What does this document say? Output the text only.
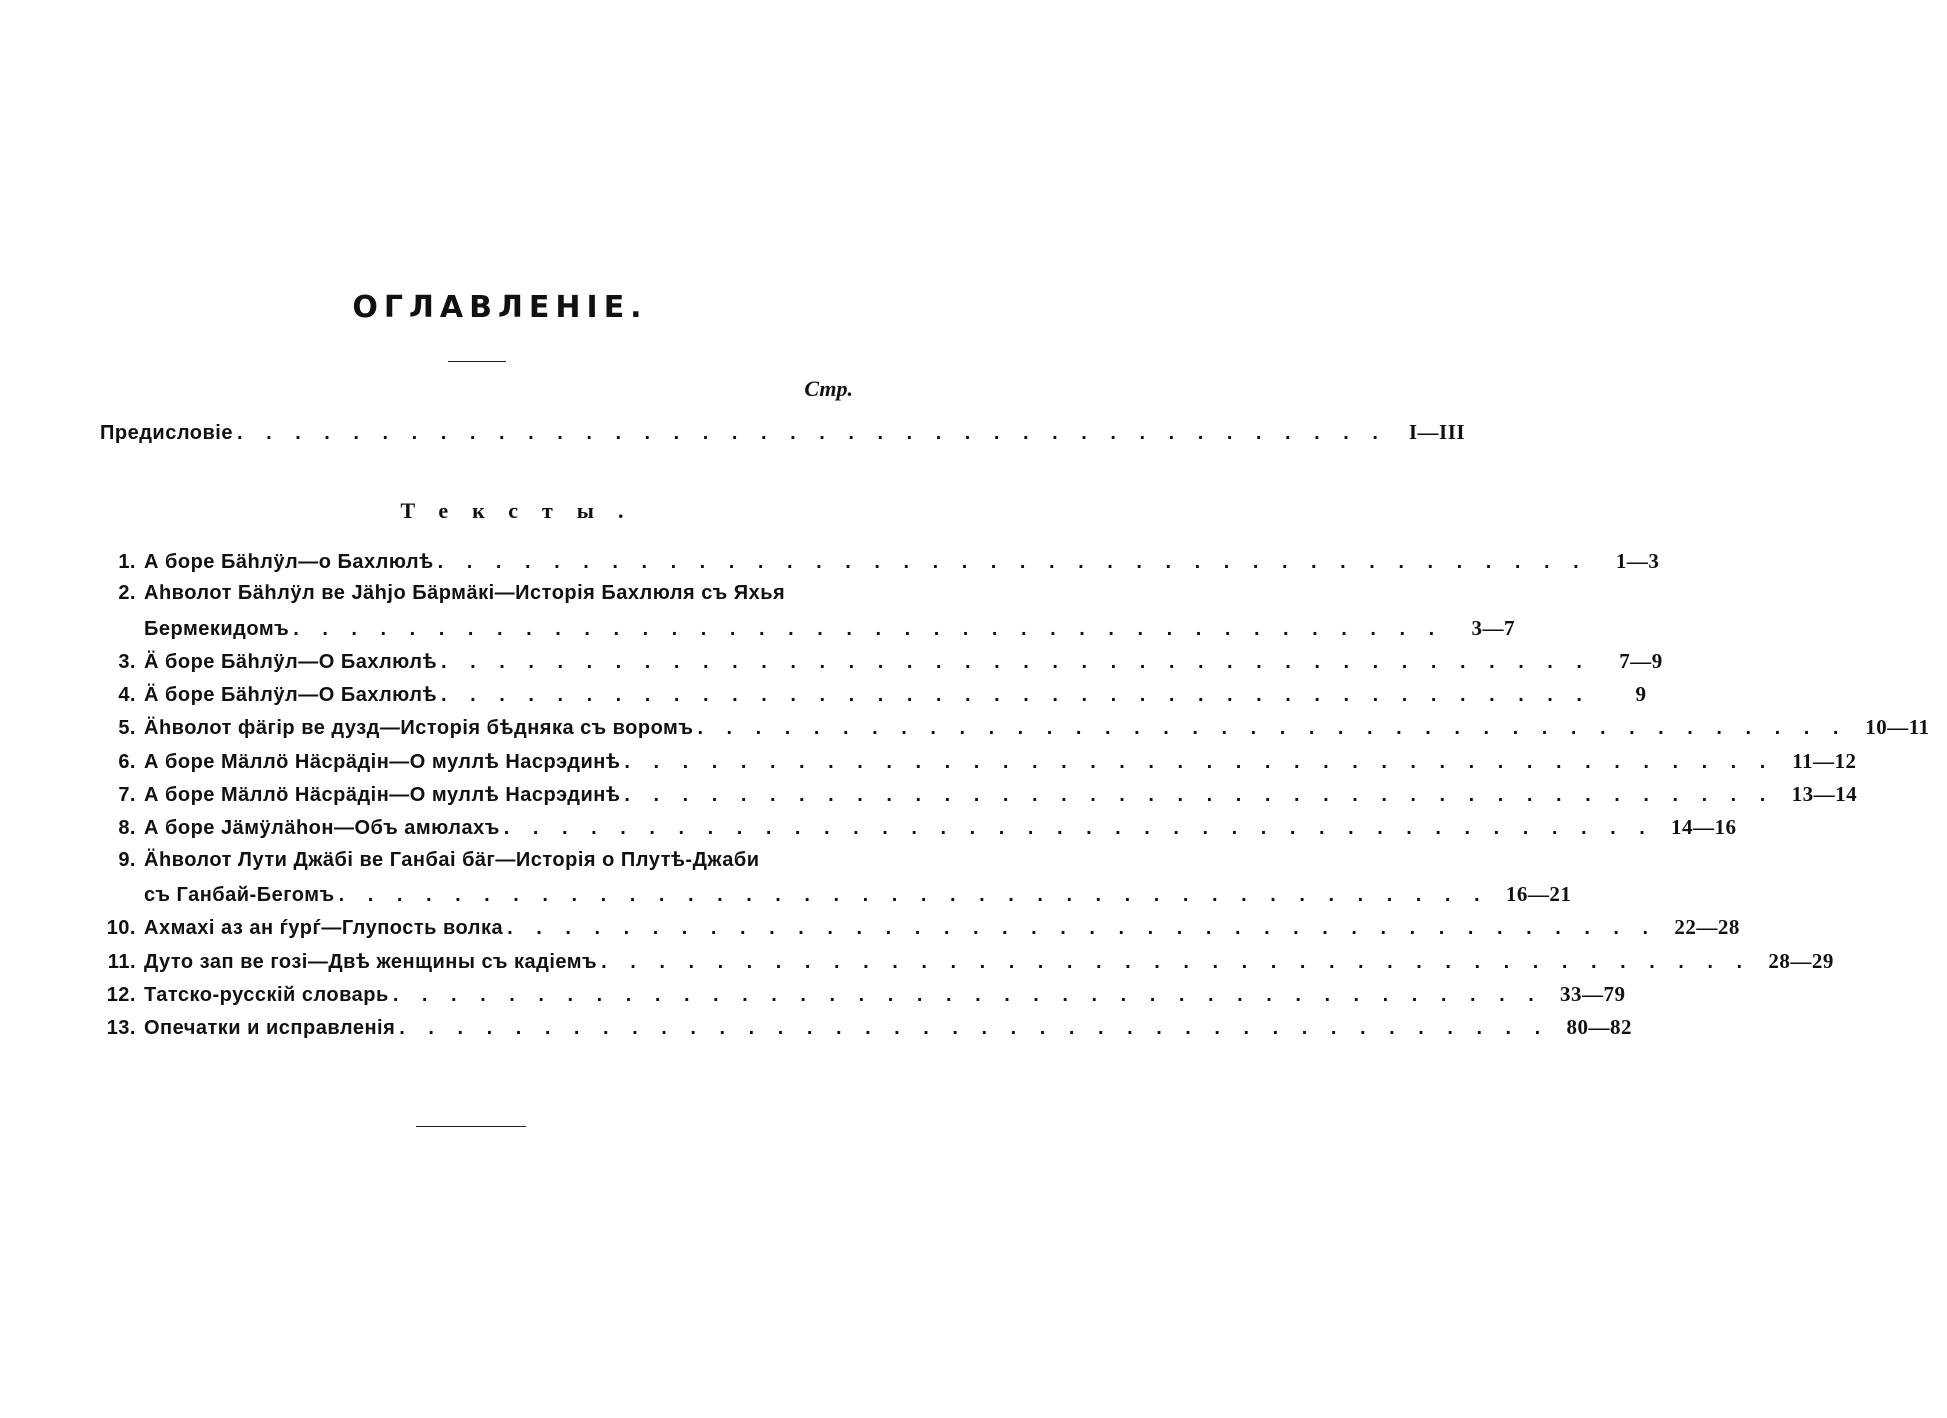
ОГЛАВЛЕНІЕ.
Стр.
Предисловіе . . . . . . . . . . . . . . . . . . . . . . . . . . . . . . . . . . . . . . . .	I—III
Тексты.
1. А боре Бäһлÿл—о Бахлюлѣ . . . . . . . . . . . . . . . . . . . . . . . . . . . . . . . . . . . . . . . .	1—3
2. Аһволот Бäһлÿл ве Јäһјо Бäрмäкі—Исторія Бахлюля съ Яхья
Бермекидомъ . . . . . . . . . . . . . . . . . . . . . . . . . . . . . . . . . . . . . . . .	3—7
3. Ӓ боре Бäһлÿл—О Бахлюлѣ . . . . . . . . . . . . . . . . . . . . . . . . . . . . . . . . . . . . . . . .	7—9
4. Ӓ боре Бäһлÿл—О Бахлюлѣ . . . . . . . . . . . . . . . . . . . . . . . . . . . . . . . . . . . . . . . .	9
5. Ӓһволот фäгір ве дузд—Исторія бѣдняка съ воромъ . . . . . . . . . . . . . . . . . . . . . . . . . . . . . . . . . . . . . . . . 10—11
6. А боре Мäллӧ Нäсрäдін—О муллѣ Насрэдинѣ . . . . . . . . . . . . . . . . . . . . . . . . . . . . . . . . . . . . . . . . 11—12
7. А боре Мäллӧ Нäсрäдін—О муллѣ Насрэдинѣ . . . . . . . . . . . . . . . . . . . . . . . . . . . . . . . . . . . . . . . . 13—14
8. А боре Јäмÿлäһон—Объ амюлахъ . . . . . . . . . . . . . . . . . . . . . . . . . . . . . . . . . . . . . . . . 14—16
9. Ӓһволот Лути Джäбі ве Ганбаі бäг—Исторія о Плутѣ-Джаби
съ Ганбай-Бегомъ . . . . . . . . . . . . . . . . . . . . . . . . . . . . . . . . . . . . . . . . 16—21
10. Ахмахі аз ан ѓурѓ—Глупость волка . . . . . . . . . . . . . . . . . . . . . . . . . . . . . . . . . . . . . . . . 22—28
11. Дуто зап ве гозі—Двѣ женщины съ кадіемъ . . . . . . . . . . . . . . . . . . . . . . . . . . . . . . . . . . . . . . . . 28—29
12. Татско-русскій словарь . . . . . . . . . . . . . . . . . . . . . . . . . . . . . . . . . . . . . . . . 33—79
13. Опечатки и исправленія . . . . . . . . . . . . . . . . . . . . . . . . . . . . . . . . . . . . . . . . 80—82
